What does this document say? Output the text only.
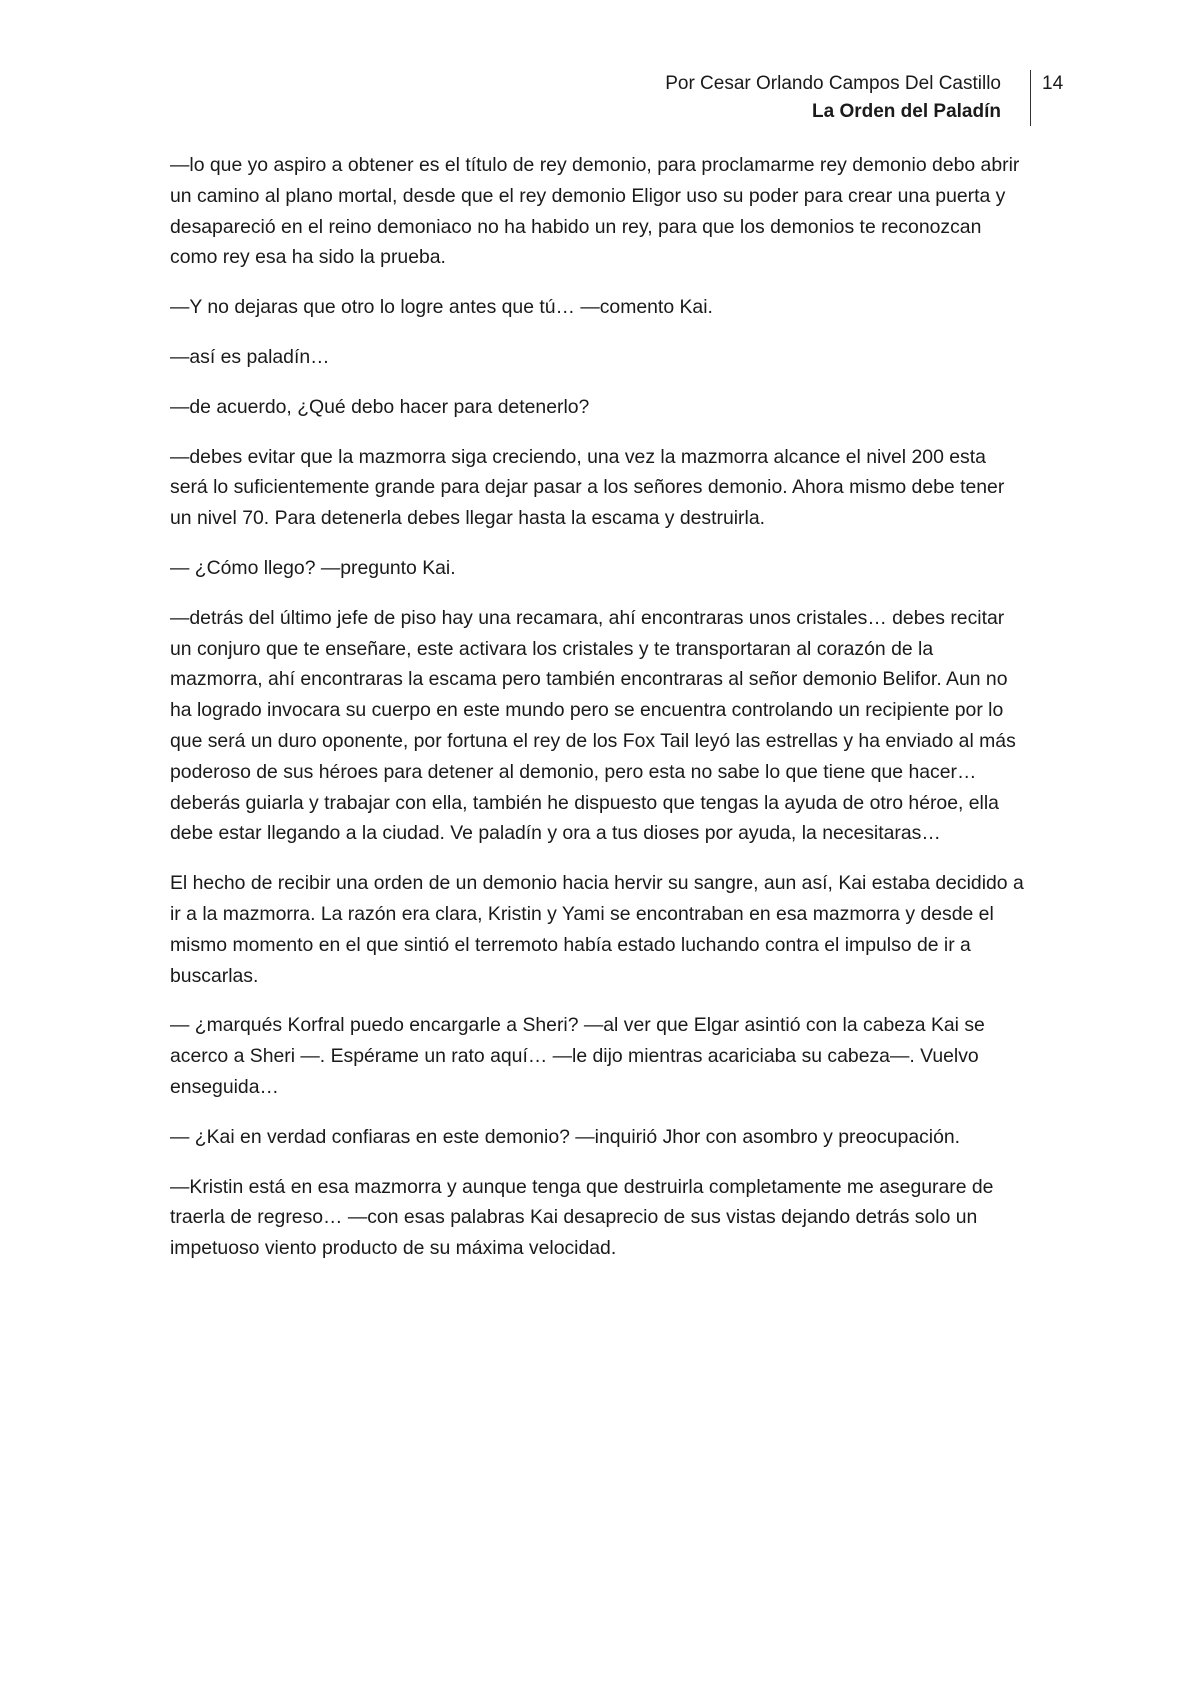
Por Cesar Orlando Campos Del Castillo
La Orden del Paladín
14

—lo que yo aspiro a obtener es el título de rey demonio, para proclamarme rey demonio debo abrir un camino al plano mortal, desde que el rey demonio Eligor uso su poder para crear una puerta y desapareció en el reino demoniaco no ha habido un rey, para que los demonios te reconozcan como rey esa ha sido la prueba.

—Y no dejaras que otro lo logre antes que tú… —comento Kai.

—así es paladín…

—de acuerdo, ¿Qué debo hacer para detenerlo?

—debes evitar que la mazmorra siga creciendo, una vez la mazmorra alcance el nivel 200 esta será lo suficientemente grande para dejar pasar a los señores demonio. Ahora mismo debe tener un nivel 70. Para detenerla debes llegar hasta la escama y destruirla.

— ¿Cómo llego? —pregunto Kai.

—detrás del último jefe de piso hay una recamara, ahí encontraras unos cristales… debes recitar un conjuro que te enseñare, este activara los cristales y te transportaran al corazón de la mazmorra, ahí encontraras la escama pero también encontraras al señor demonio Belifor. Aun no ha logrado invocara su cuerpo en este mundo pero se encuentra controlando un recipiente por lo que será un duro oponente, por fortuna el rey de los Fox Tail leyó las estrellas y ha enviado al más poderoso de sus héroes para detener al demonio, pero esta no sabe lo que tiene que hacer… deberás guiarla y trabajar con ella, también he dispuesto que tengas la ayuda de otro héroe, ella debe estar llegando a la ciudad. Ve paladín y ora a tus dioses por ayuda, la necesitaras…

El hecho de recibir una orden de un demonio hacia hervir su sangre, aun así, Kai estaba decidido a ir a la mazmorra. La razón era clara, Kristin y Yami se encontraban en esa mazmorra y desde el mismo momento en el que sintió el terremoto había estado luchando contra el impulso de ir a buscarlas.

— ¿marqués Korfral puedo encargarle a Sheri? —al ver que Elgar asintió con la cabeza Kai se acerco a Sheri —. Espérame un rato aquí… —le dijo mientras acariciaba su cabeza—. Vuelvo enseguida…

— ¿Kai en verdad confiaras en este demonio? —inquirió Jhor con asombro y preocupación.

—Kristin está en esa mazmorra y aunque tenga que destruirla completamente me asegurare de traerla de regreso… —con esas palabras Kai desaprecio de sus vistas dejando detrás solo un impetuoso viento producto de su máxima velocidad.
